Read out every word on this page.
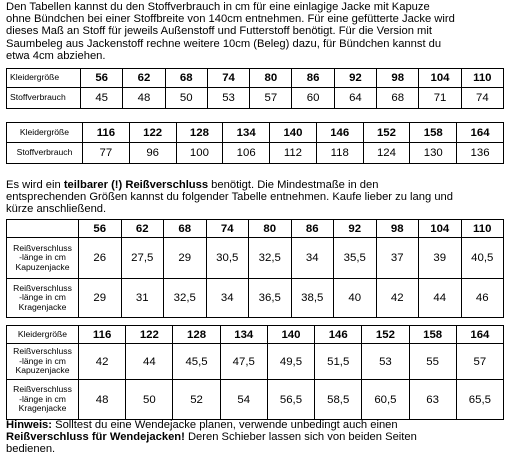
Den Tabellen kannst du den Stoffverbrauch in cm für eine einlagige Jacke mit Kapuze
ohne Bündchen bei einer Stoffbreite von 140cm entnehmen. Für eine gefütterte Jacke wird
dieses Maß an Stoff für jeweils Außenstoff und Futterstoff benötigt. Für die Version mit
Saumbeleg aus Jackenstoff rechne weitere 10cm (Beleg) dazu, für Bündchen kannst du
etwa 4cm abziehen.

Kleidergröße	56	62	68	74	80	86	92	98	104	110
Stoffverbrauch	45	48	50	53	57	60	64	68	71	74
Kleidergröße	116	122	128	134	140	146	152	158	164
Stoffverbrauch	77	96	100	106	112	118	124	130	136

Es wird ein teilbarer (!) Reißverschluss benötigt. Die Mindestmaße in den
entsprechenden Größen kannst du folgender Tabelle entnehmen. Kaufe lieber zu lang und
kürze anschließend.

	56	62	68	74	80	86	92	98	104	110
Reißverschluss
-länge in cm
Kapuzenjacke	26	27,5	29	30,5	32,5	34	35,5	37	39	40,5
Reißverschluss
-länge in cm
Kragenjacke	29	31	32,5	34	36,5	38,5	40	42	44	46
Kleidergröße	116	122	128	134	140	146	152	158	164
Reißverschluss
-länge in cm
Kapuzenjacke	42	44	45,5	47,5	49,5	51,5	53	55	57
Reißverschluss
-länge in cm
Kragenjacke	48	50	52	54	56,5	58,5	60,5	63	65,5

Hinweis: Solltest du eine Wendejacke planen, verwende unbedingt auch einen
Reißverschluss für Wendejacken! Deren Schieber lassen sich von beiden Seiten
bedienen.
